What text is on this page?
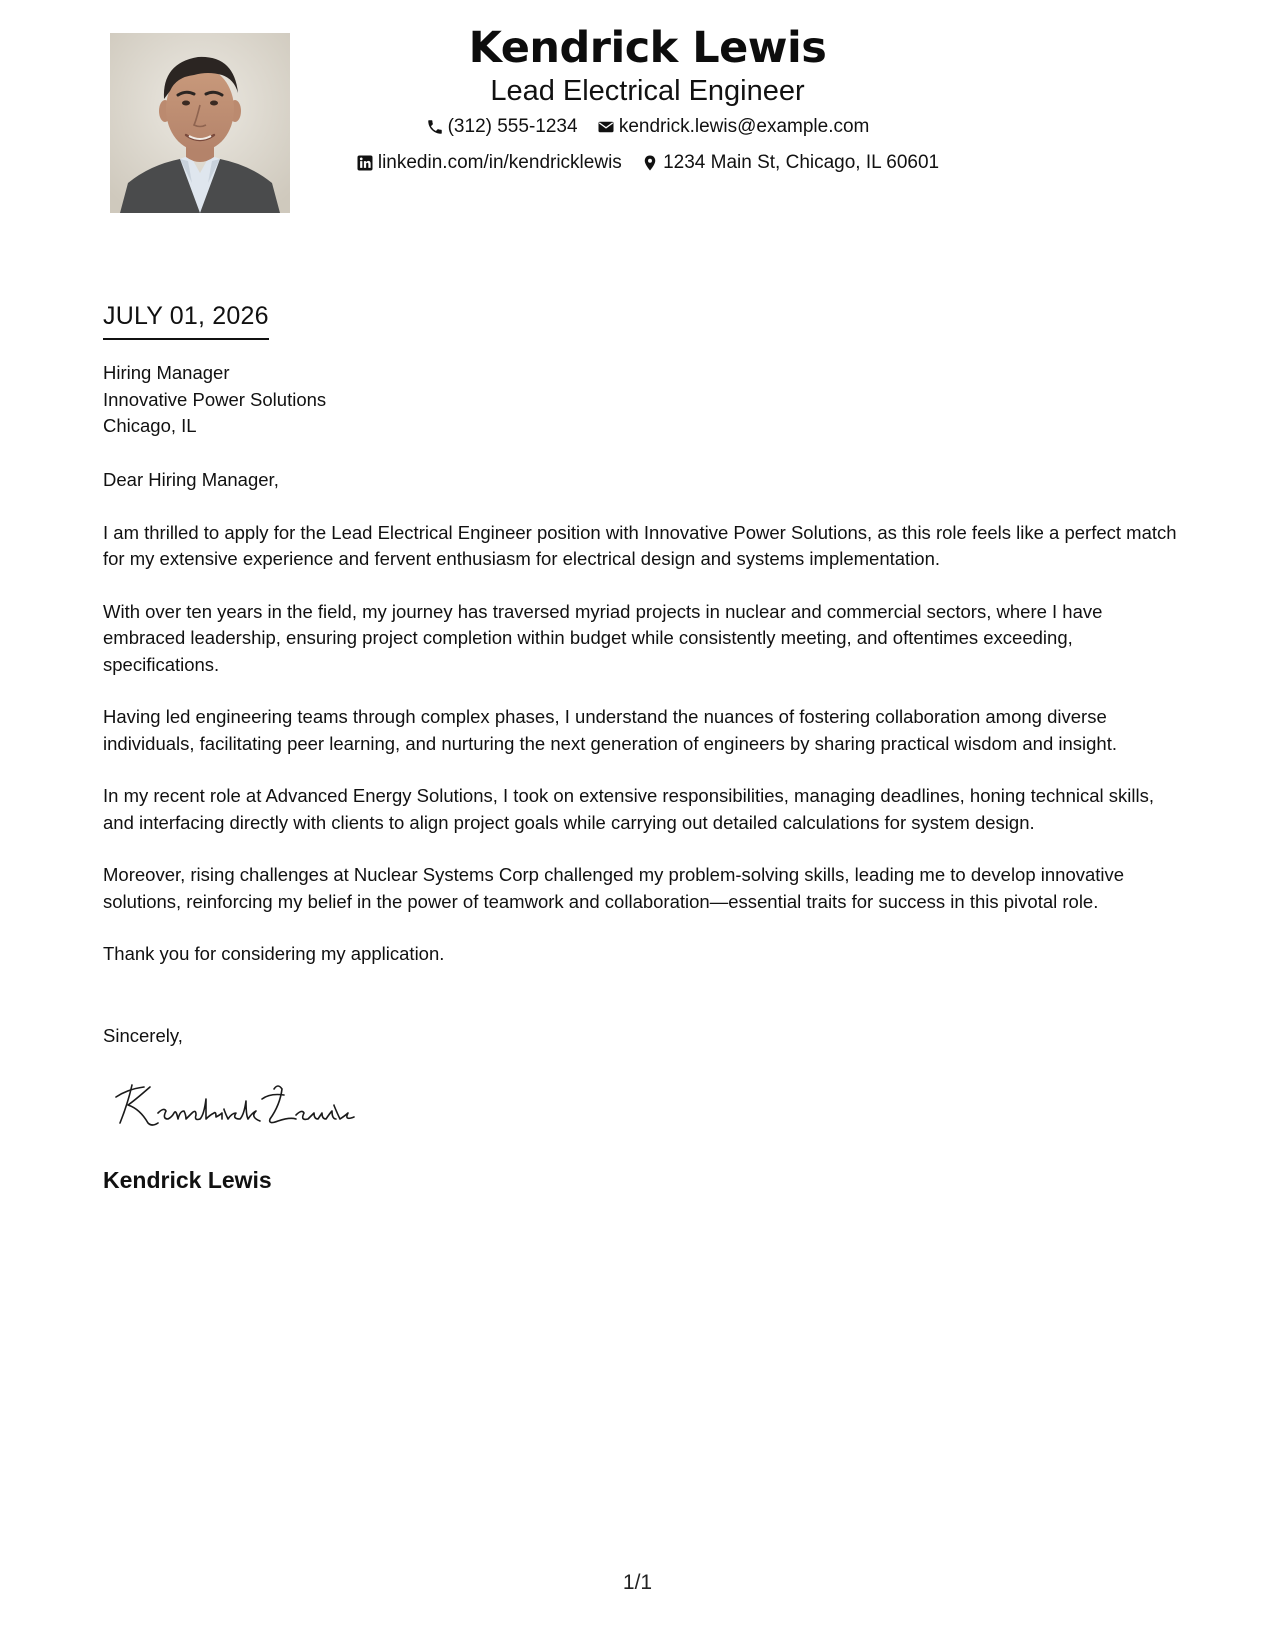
Kendrick Lewis
Lead Electrical Engineer
(312) 555-1234
kendrick.lewis@example.com
linkedin.com/in/kendricklewis
1234 Main St, Chicago, IL 60601
JULY 01, 2026
Hiring Manager
Innovative Power Solutions
Chicago, IL

Dear Hiring Manager,

I am thrilled to apply for the Lead Electrical Engineer position with Innovative Power Solutions, as this role feels like a perfect match for my extensive experience and fervent enthusiasm for electrical design and systems implementation.

With over ten years in the field, my journey has traversed myriad projects in nuclear and commercial sectors, where I have embraced leadership, ensuring project completion within budget while consistently meeting, and oftentimes exceeding, specifications.

Having led engineering teams through complex phases, I understand the nuances of fostering collaboration among diverse individuals, facilitating peer learning, and nurturing the next generation of engineers by sharing practical wisdom and insight.

In my recent role at Advanced Energy Solutions, I took on extensive responsibilities, managing deadlines, honing technical skills, and interfacing directly with clients to align project goals while carrying out detailed calculations for system design.

Moreover, rising challenges at Nuclear Systems Corp challenged my problem-solving skills, leading me to develop innovative solutions, reinforcing my belief in the power of teamwork and collaboration—essential traits for success in this pivotal role.

Thank you for considering my application.

Sincerely,
Kendrick Lewis
1/1
